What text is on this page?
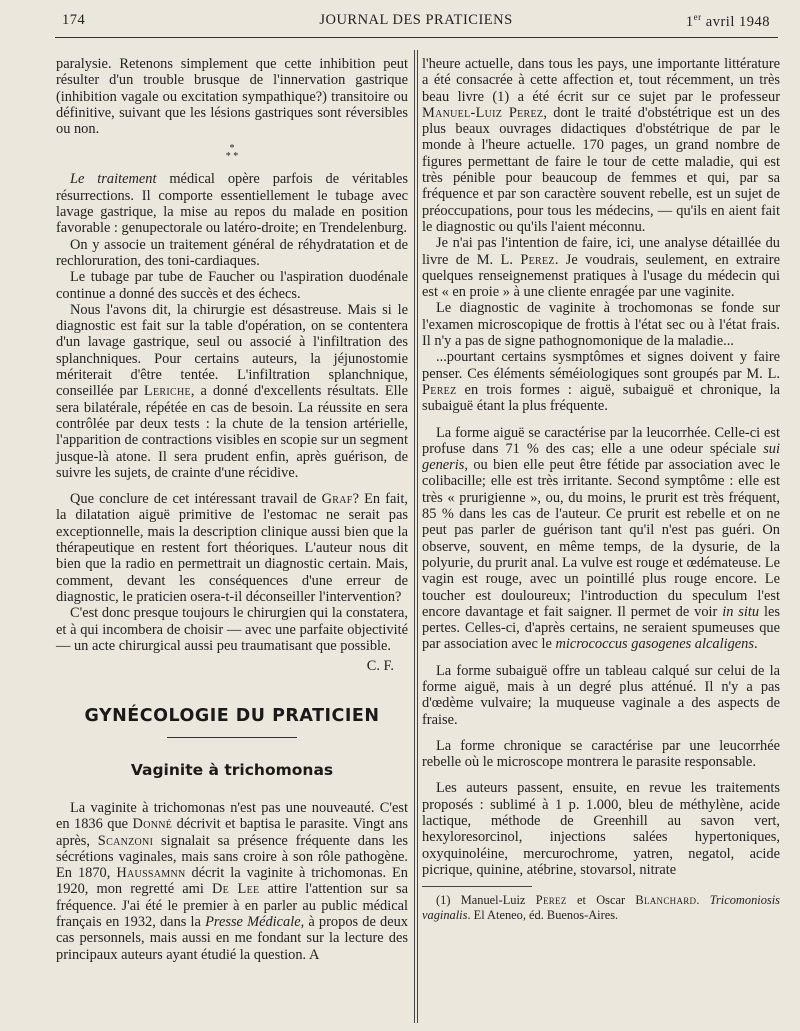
174	JOURNAL DES PRATICIENS	1er avril 1948

paralysie. Retenons simplement que cette inhibition peut résulter d'un trouble brusque de l'innervation gastrique (inhibition vagale ou excitation sympathique?) transitoire ou définitive, suivant que les lésions gastriques sont réversibles ou non.

*
* *

Le traitement médical opère parfois de véritables résurrections. Il comporte essentiellement le tubage avec lavage gastrique, la mise au repos du malade en position favorable : genupectorale ou latéro-droite; en Trendelenburg.

On y associe un traitement général de réhydratation et de rechloruration, des toni-cardiaques.

Le tubage par tube de Faucher ou l'aspiration duodénale continue a donné des succès et des échecs.

Nous l'avons dit, la chirurgie est désastreuse. Mais si le diagnostic est fait sur la table d'opération, on se contentera d'un lavage gastrique, seul ou associé à l'infiltration des splanchniques. Pour certains auteurs, la jéjunostomie mériterait d'être tentée. L'infiltration splanchnique, conseillée par Leriche, a donné d'excellents résultats. Elle sera bilatérale, répétée en cas de besoin. La réussite en sera contrôlée par deux tests : la chute de la tension artérielle, l'apparition de contractions visibles en scopie sur un segment jusque-là atone. Il sera prudent enfin, après guérison, de suivre les sujets, de crainte d'une récidive.

Que conclure de cet intéressant travail de Graf? En fait, la dilatation aiguë primitive de l'estomac ne serait pas exceptionnelle, mais la description clinique aussi bien que la thérapeutique en restent fort théoriques. L'auteur nous dit bien que la radio en permettrait un diagnostic certain. Mais, comment, devant les conséquences d'une erreur de diagnostic, le praticien osera-t-il déconseiller l'intervention?

C'est donc presque toujours le chirurgien qui la constatera, et à qui incombera de choisir — avec une parfaite objectivité — un acte chirurgical aussi peu traumatisant que possible.

C. F.
GYNÉCOLOGIE DU PRATICIEN
Vaginite à trichomonas

La vaginite à trichomonas n'est pas une nouveauté. C'est en 1836 que Donné décrivit et baptisa le parasite. Vingt ans après, Scanzoni signalait sa présence fréquente dans les sécrétions vaginales, mais sans croire à son rôle pathogène. En 1870, Haussamnn décrit la vaginite à trichomonas. En 1920, mon regretté ami De Lee attire l'attention sur sa fréquence. J'ai été le premier à en parler au public médical français en 1932, dans la Presse Médicale, à propos de deux cas personnels, mais aussi en me fondant sur la lecture des principaux auteurs ayant étudié la question. A

l'heure actuelle, dans tous les pays, une importante littérature a été consacrée à cette affection et, tout récemment, un très beau livre (1) a été écrit sur ce sujet par le professeur Manuel-Luiz Perez, dont le traité d'obstétrique est un des plus beaux ouvrages didactiques d'obstétrique de par le monde à l'heure actuelle. 170 pages, un grand nombre de figures permettant de faire le tour de cette maladie, qui est très pénible pour beaucoup de femmes et qui, par sa fréquence et par son caractère souvent rebelle, est un sujet de préoccupations, pour tous les médecins, — qu'ils en aient fait le diagnostic ou qu'ils l'aient méconnu.

Je n'ai pas l'intention de faire, ici, une analyse détaillée du livre de M. L. Perez. Je voudrais, seulement, en extraire quelques renseignemenst pratiques à l'usage du médecin qui est « en proie » à une cliente enragée par une vaginite.

Le diagnostic de vaginite à trochomonas se fonde sur l'examen microscopique de frottis à l'état sec ou à l'état frais. Il n'y a pas de signe pathognomonique de la maladie...

...pourtant certains sysmptômes et signes doivent y faire penser. Ces éléments séméiologiques sont groupés par M. L. Perez en trois formes : aiguë, subaiguë et chronique, la subaiguë étant la plus fréquente.

La forme aiguë se caractérise par la leucorrhée. Celle-ci est profuse dans 71 % des cas; elle a une odeur spéciale sui generis, ou bien elle peut être fétide par association avec le colibacille; elle est très irritante. Second symptôme : elle est très « prurigienne », ou, du moins, le prurit est très fréquent, 85 % dans les cas de l'auteur. Ce prurit est rebelle et on ne peut pas parler de guérison tant qu'il n'est pas guéri. On observe, souvent, en même temps, de la dysurie, de la polyurie, du prurit anal. La vulve est rouge et œdémateuse. Le vagin est rouge, avec un pointillé plus rouge encore. Le toucher est douloureux; l'introduction du speculum l'est encore davantage et fait saigner. Il permet de voir in situ les pertes. Celles-ci, d'après certains, ne seraient spumeuses que par association avec le micrococcus gasogenes alcaligens.

La forme subaiguë offre un tableau calqué sur celui de la forme aiguë, mais à un degré plus atténué. Il n'y a pas d'œdème vulvaire; la muqueuse vaginale a des aspects de fraise.

La forme chronique se caractérise par une leucorrhée rebelle où le microscope montrera le parasite responsable.

Les auteurs passent, ensuite, en revue les traitements proposés : sublimé à 1 p. 1.000, bleu de méthylène, acide lactique, méthode de Greenhill au savon vert, hexyloresorcinol, injections salées hypertoniques, oxyquinoléine, mercurochrome, yatren, negatol, acide picrique, quinine, atébrine, stovarsol, nitrate

(1) Manuel-Luiz Perez et Oscar Blanchard. Tricomoniosis vaginalis. El Ateneo, éd. Buenos-Aires.
